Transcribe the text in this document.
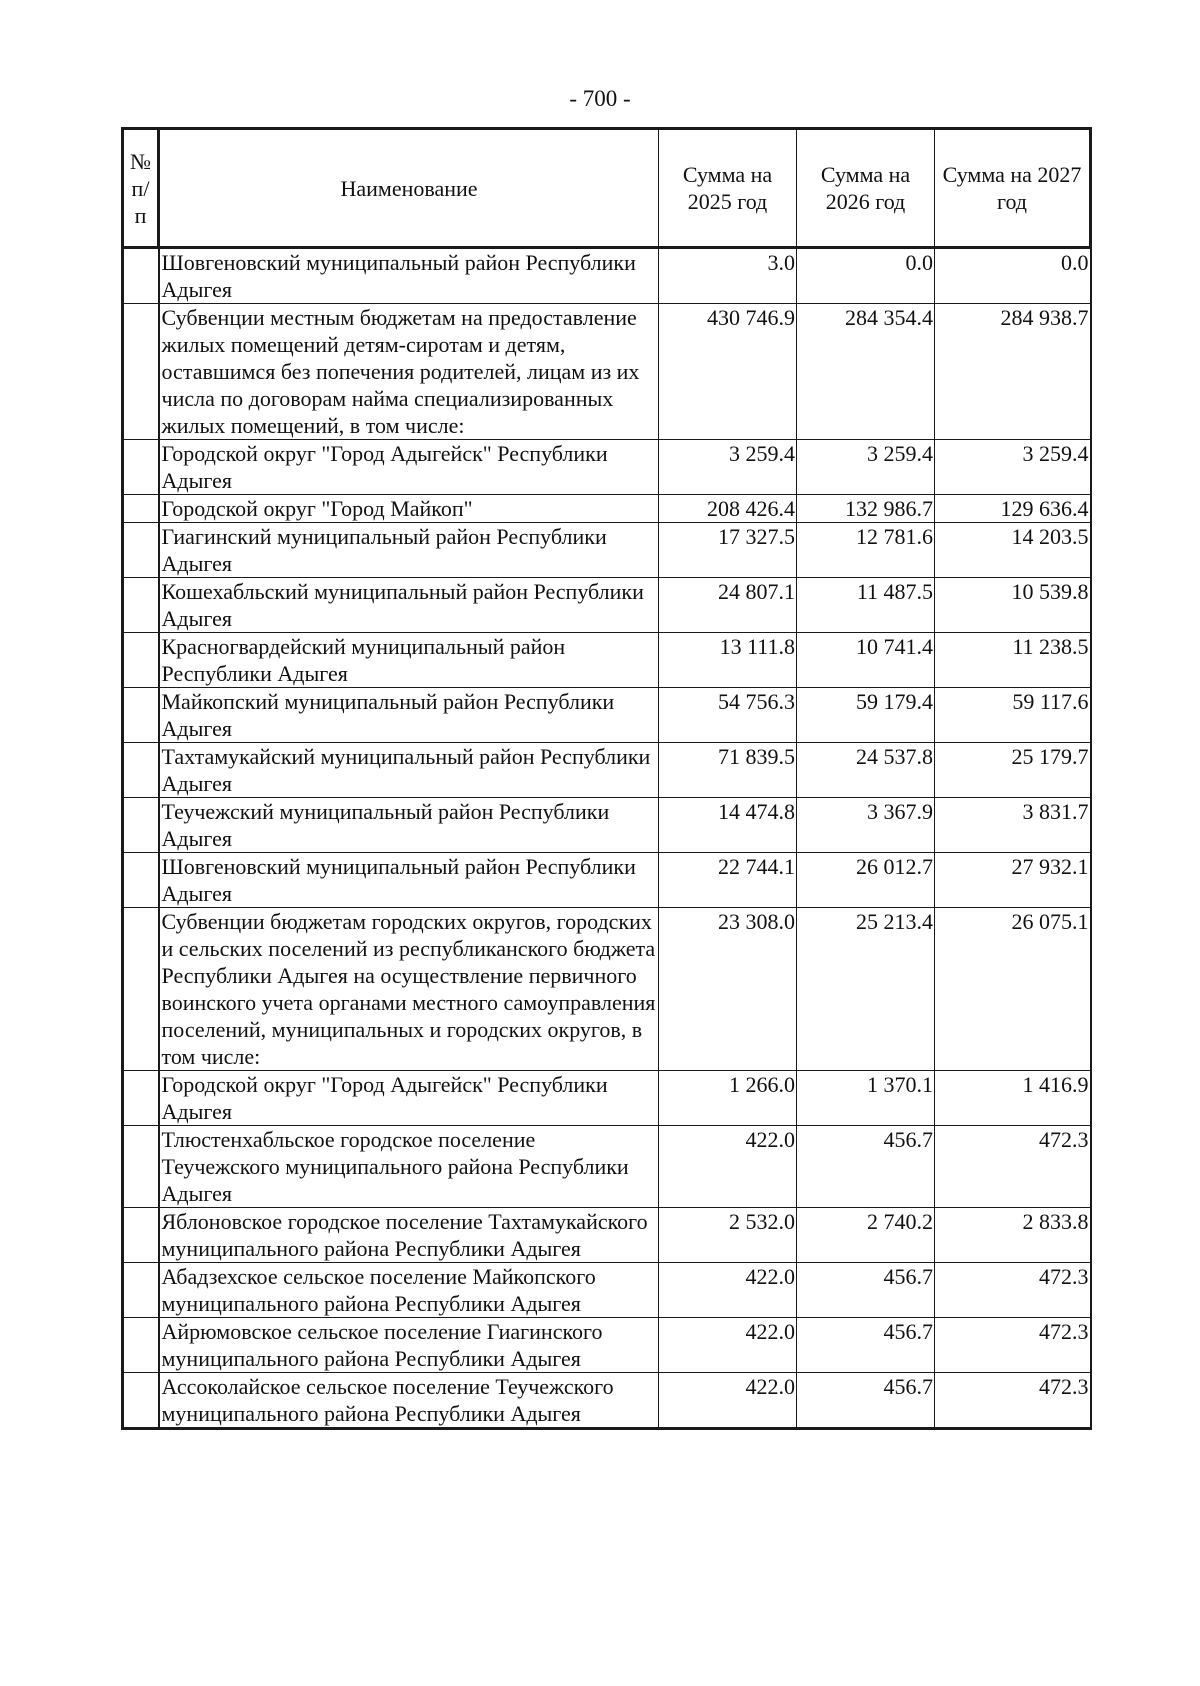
- 700 -
№ п/п	Наименование	Сумма на 2025 год	Сумма на 2026 год	Сумма на 2027 год
	Шовгеновский муниципальный район Республики Адыгея	3.0	0.0	0.0
	Субвенции местным бюджетам на предоставление жилых помещений детям-сиротам и детям, оставшимся без попечения родителей, лицам из их числа по договорам найма специализированных жилых помещений, в том числе:	430 746.9	284 354.4	284 938.7
	Городской округ "Город Адыгейск" Республики Адыгея	3 259.4	3 259.4	3 259.4
	Городской округ "Город Майкоп"	208 426.4	132 986.7	129 636.4
	Гиагинский муниципальный район Республики Адыгея	17 327.5	12 781.6	14 203.5
	Кошехабльский муниципальный район Республики Адыгея	24 807.1	11 487.5	10 539.8
	Красногвардейский муниципальный район Республики Адыгея	13 111.8	10 741.4	11 238.5
	Майкопский муниципальный район Республики Адыгея	54 756.3	59 179.4	59 117.6
	Тахтамукайский муниципальный район Республики Адыгея	71 839.5	24 537.8	25 179.7
	Теучежский муниципальный район Республики Адыгея	14 474.8	3 367.9	3 831.7
	Шовгеновский муниципальный район Республики Адыгея	22 744.1	26 012.7	27 932.1
	Субвенции бюджетам городских округов, городских и сельских поселений из республиканского бюджета Республики Адыгея на осуществление первичного воинского учета органами местного самоуправления поселений, муниципальных и городских округов, в том числе:	23 308.0	25 213.4	26 075.1
	Городской округ "Город Адыгейск" Республики Адыгея	1 266.0	1 370.1	1 416.9
	Тлюстенхабльское городское поселение Теучежского муниципального района Республики Адыгея	422.0	456.7	472.3
	Яблоновское городское поселение Тахтамукайского муниципального района Республики Адыгея	2 532.0	2 740.2	2 833.8
	Абадзехское сельское поселение Майкопского муниципального района Республики Адыгея	422.0	456.7	472.3
	Айрюмовское сельское поселение Гиагинского муниципального района Республики Адыгея	422.0	456.7	472.3
	Ассоколайское сельское поселение Теучежского муниципального района Республики Адыгея	422.0	456.7	472.3
